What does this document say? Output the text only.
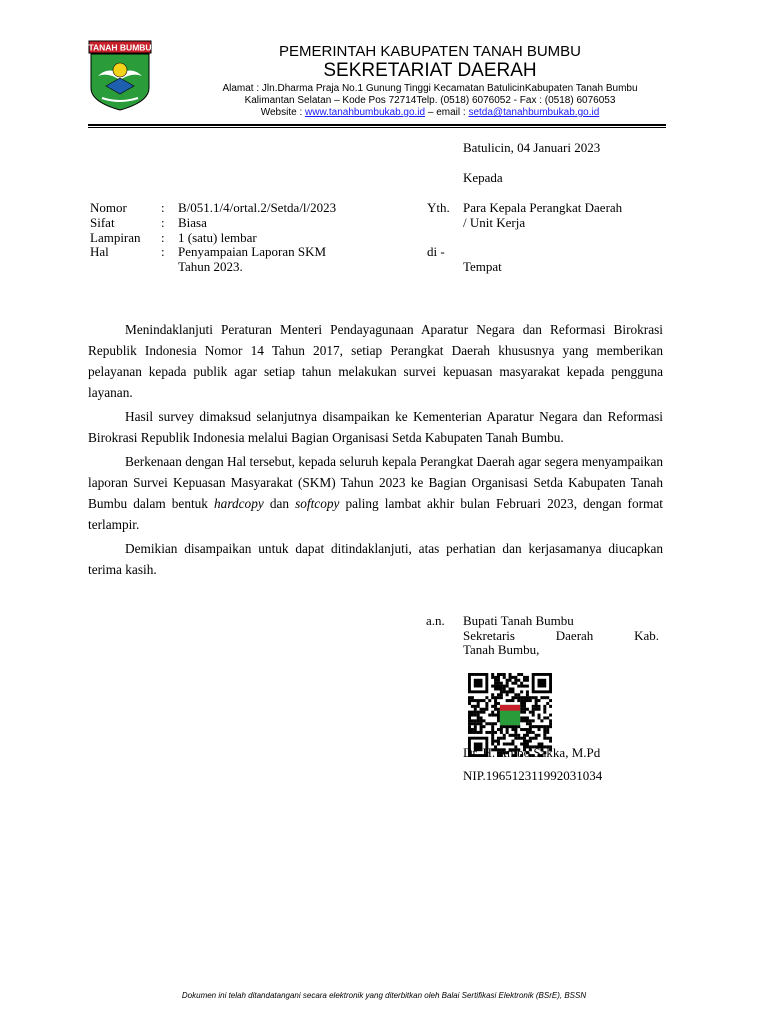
TANAH BUMBU	PEMERINTAH KABUPATEN TANAH BUMBU
SEKRETARIAT DAERAH
Alamat : Jln.Dharma Praja No.1 Gunung Tinggi Kecamatan BatulicinKabupaten Tanah Bumbu
Kalimantan Selatan – Kode Pos 72714Telp. (0518) 6076052 - Fax : (0518) 6076053
Website : www.tanahbumbukab.go.id – email : setda@tanahbumbukab.go.id
Batulicin, 04 Januari 2023
Kepada
Nomor	: B/051.1/4/ortal.2/Setda/l/2023
Sifat	: Biasa
Lampiran : 1 (satu) lembar
Hal	: Penyampaian Laporan SKM
Tahun 2023.
Yth. Para Kepala Perangkat Daerah
/ Unit Kerja
di -
Tempat

Menindaklanjuti Peraturan Menteri Pendayagunaan Aparatur Negara dan Reformasi Birokrasi Republik Indonesia Nomor 14 Tahun 2017, setiap Perangkat Daerah khususnya yang memberikan pelayanan kepada publik agar setiap tahun melakukan survei kepuasan masyarakat kepada pengguna layanan.

Hasil survey dimaksud selanjutnya disampaikan ke Kementerian Aparatur Negara dan Reformasi Birokrasi Republik Indonesia melalui Bagian Organisasi Setda Kabupaten Tanah Bumbu.

Berkenaan dengan Hal tersebut, kepada seluruh kepala Perangkat Daerah agar segera menyampaikan laporan Survei Kepuasan Masyarakat (SKM) Tahun 2023 ke Bagian Organisasi Setda Kabupaten Tanah Bumbu dalam bentuk hardcopy dan softcopy paling lambat akhir bulan Februari 2023, dengan format terlampir.

Demikian disampaikan untuk dapat ditindaklanjuti, atas perhatian dan kerjasamanya diucapkan terima kasih.

a.n. Bupati Tanah Bumbu
Sekretaris	Daerah	Kab.
Tanah Bumbu,
Dr. H. Ambo Sakka, M.Pd
NIP.196512311992031034
Dokumen ini telah ditandatangani secara elektronik yang diterbitkan oleh Balai Sertifikasi Elektronik (BSrE), BSSN
